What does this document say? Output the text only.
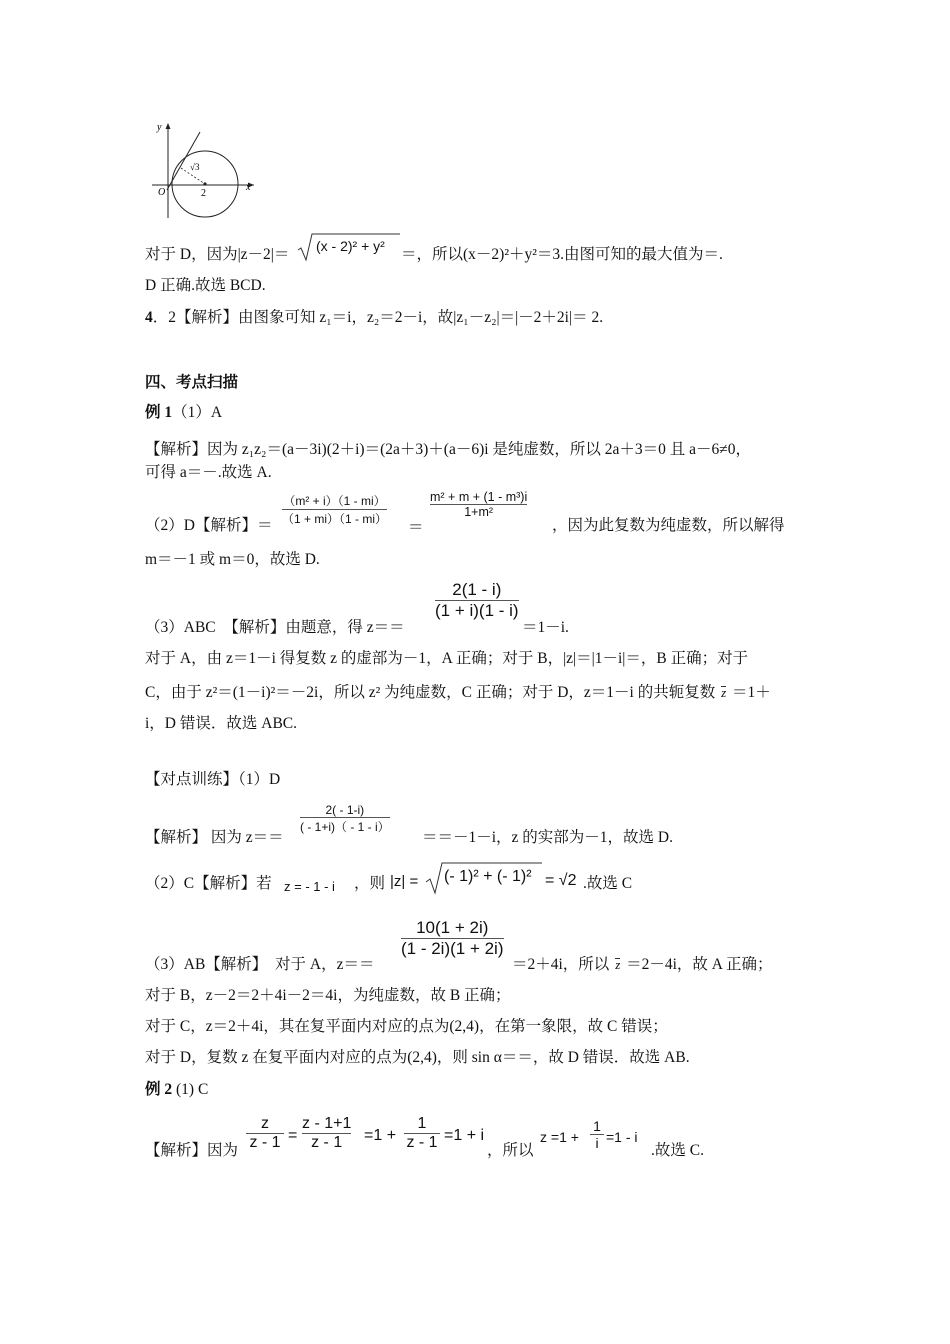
y
x
O
√3
2
对于 D，因为|z－2|＝ (x - 2)² + y² ＝，所以(x－2)²＋y²＝3.由图可知的最大值为＝.
D 正确.故选 BCD.
4．2【解析】由图象可知 z₁＝i，z₂＝2－i，故|z₁－z₂|＝|－2＋2i|＝ 2.
四、考点扫描
例 1（1）A
【解析】因为 z₁z₂＝(a－3i)(2＋i)＝(2a＋3)＋(a－6)i 是纯虚数，所以 2a＋3＝0 且 a－6≠0，
可得 a＝－.故选 A.
（2）D【解析】＝
（m² + i）（1 - mi）
（1 + mi）（1 - mi） ＝
m² + m + (1 - m³)i
1+m²
，因为此复数为纯虚数，所以解得
m＝－1 或 m＝0，故选 D.
（3）ABC　【解析】由题意，得 z＝＝
2(1 - i)
(1 + i)(1 - i)
＝1－i.
对于 A，由 z＝1－i 得复数 z 的虚部为－1，A 正确；对于 B，|z|＝|1－i|＝，B 正确；对于
C，由于 z²＝(1－i)²＝－2i，所以 z² 为纯虚数，C 正确；对于 D，z＝1－i 的共轭复数 z ＝1＋
i，D 错误．故选 ABC.
【对点训练】（1）D
【解析】 因为 z＝＝
2( - 1-i)
( - 1+i)（ - 1 - i）
＝＝－1－i，z 的实部为－1，故选 D.
（2）C【解析】若 z = - 1 - i ，则 |z| = (- 1)² + (- 1)² = √2 .故选 C
（3）AB【解析】　对于 A，z＝＝
10(1 + 2i)
(1 - 2i)(1 + 2i)
＝2＋4i，所以 z ＝2－4i，故 A 正确；
对于 B，z－2＝2＋4i－2＝4i，为纯虚数，故 B 正确；
对于 C，z＝2＋4i，其在复平面内对应的点为(2,4)，在第一象限，故 C 错误；
对于 D，复数 z 在复平面内对应的点为(2,4)，则 sin α＝＝，故 D 错误．故选 AB.
例 2 (1) C
【解析】因为
z
z - 1 =
z - 1+1
z - 1	=1 +
1
z - 1 =1 + i
，所以
z =1 +
1
i =1 - i
.故选 C.
